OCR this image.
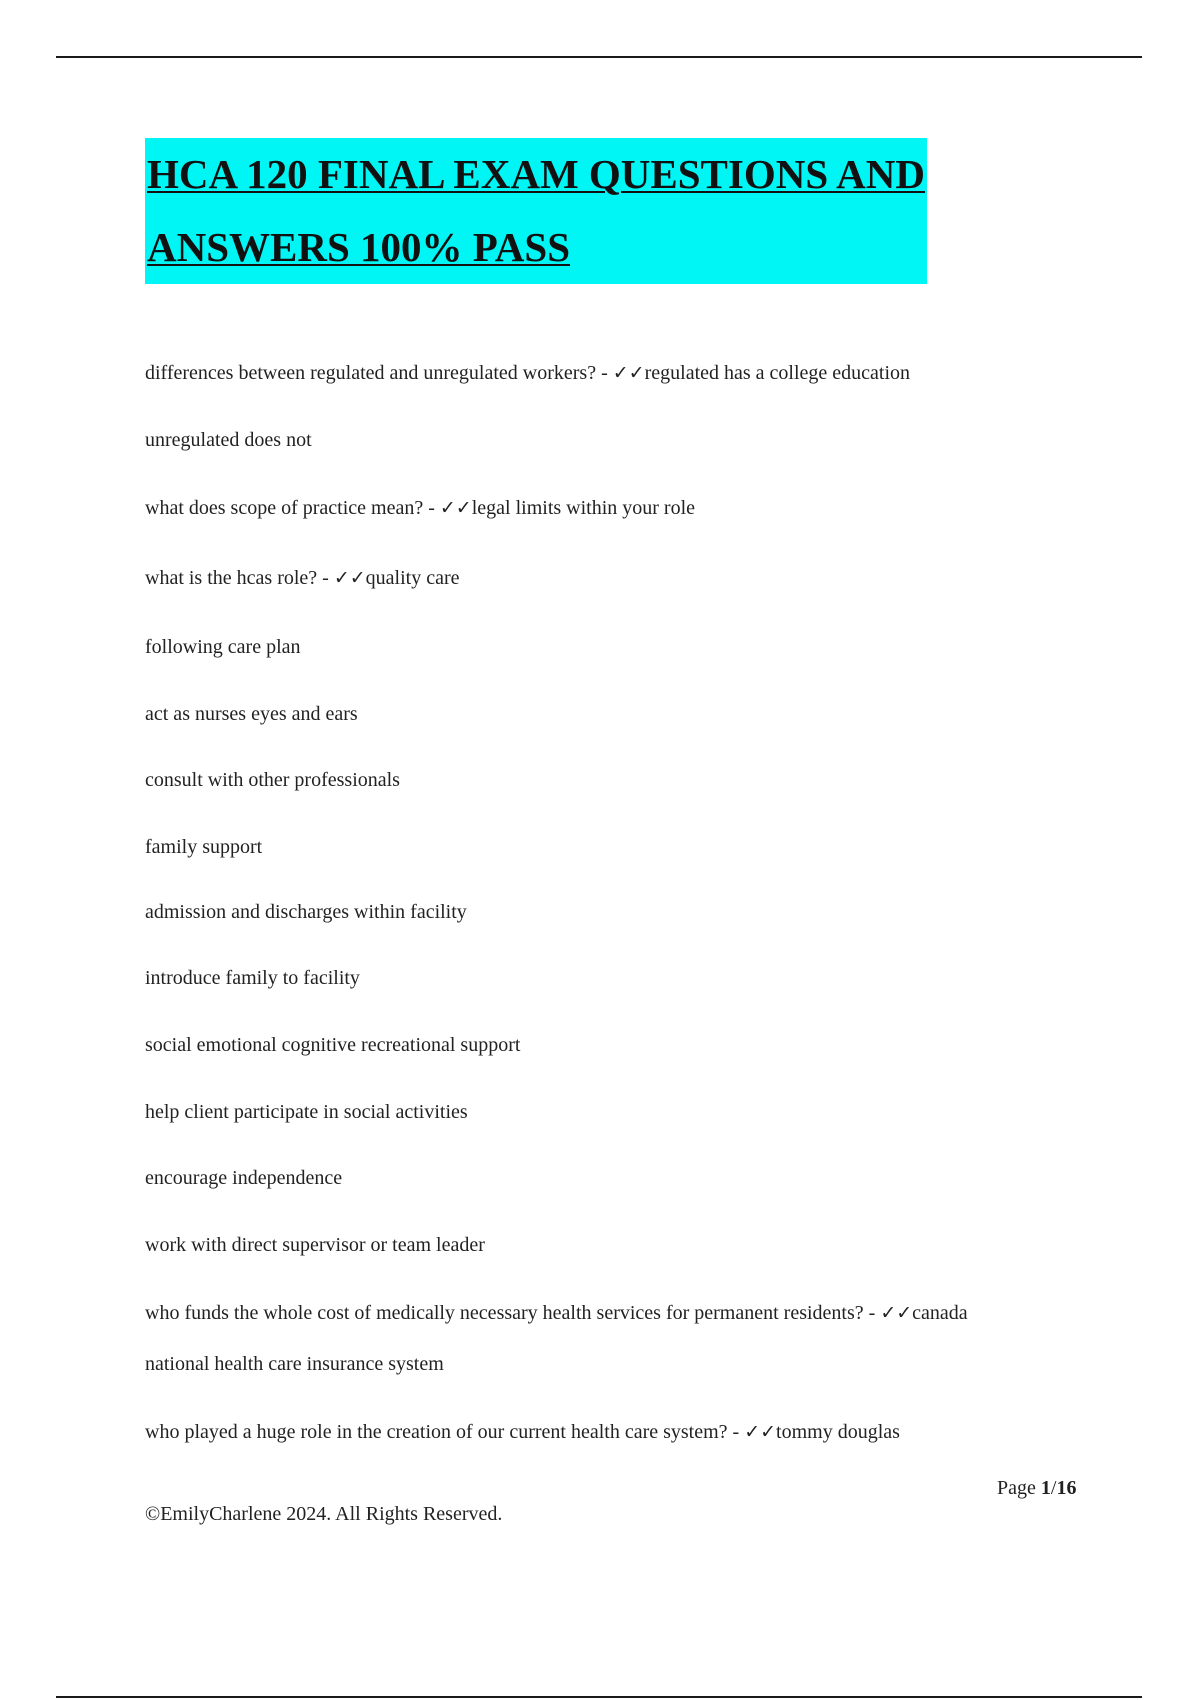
HCA 120 FINAL EXAM QUESTIONS AND
ANSWERS 100% PASS
differences between regulated and unregulated workers? - ✓✓regulated has a college education
unregulated does not
what does scope of practice mean? - ✓✓legal limits within your role
what is the hcas role? - ✓✓quality care
following care plan
act as nurses eyes and ears
consult with other professionals
family support
admission and discharges within facility
introduce family to facility
social emotional cognitive recreational support
help client participate in social activities
encourage independence
work with direct supervisor or team leader
who funds the whole cost of medically necessary health services for permanent residents? - ✓✓canada
national health care insurance system
who played a huge role in the creation of our current health care system? - ✓✓tommy douglas
Page 1/16
©EmilyCharlene 2024. All Rights Reserved.
